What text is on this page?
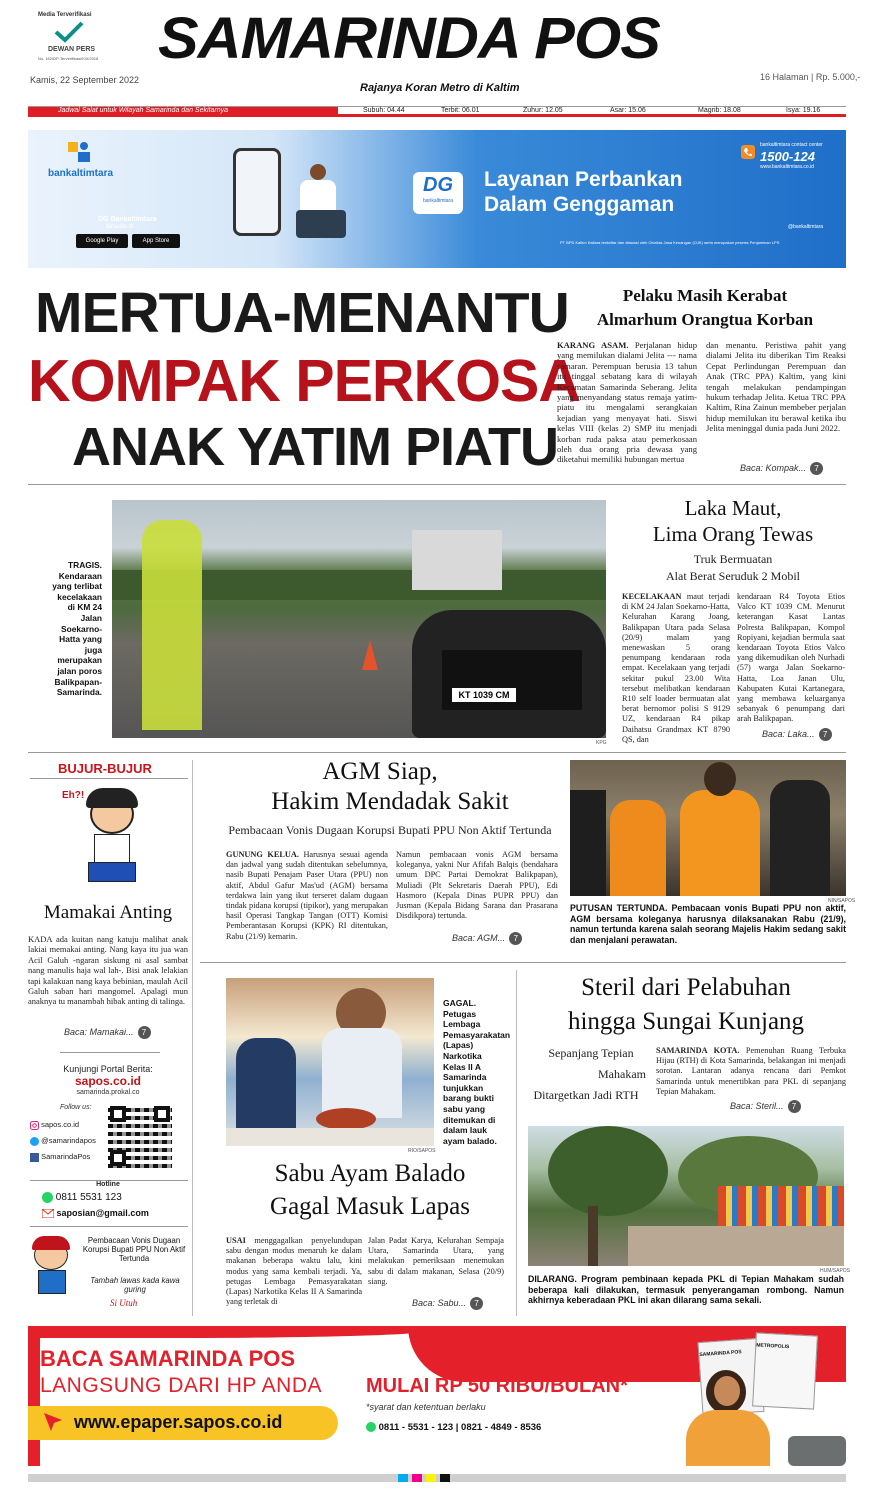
Media Terverifikasi
DEWAN PERS
No. 162/DP-Terverifikasi/K/II/2018 SAMARINDA POS
Kamis, 22 September 2022
Rajanya Koran Metro di Kaltim
16 Halaman | Rp. 5.000,-
Jadwal Salat untuk Wilayah Samarinda dan Sekitarnya	Subuh: 04.44	Terbit: 06.01	Zuhur: 12.05	Asar: 15.06	Magrib: 18.08	Isya: 19.16
bankaltimtara
DG Bankaltimtara
tersedia di :
Google Play	App Store
DG
bankaltimtara
Layanan Perbankan
Dalam Genggaman
bankaltimtara contact center
1500-124
www.bankaltimtara.co.id
@bankaltimtara
PT BPD Kaltim Kaltara terdaftar dan diawasi oleh Otoritas Jasa Keuangan (OJK) serta merupakan peserta Penjaminan LPS
MERTUA-MENANTU
KOMPAK PERKOSA
ANAK YATIM PIATU
Pelaku Masih Kerabat
Almarhum Orangtua Korban
KARANG ASAM. Perjalanan hidup yang memilukan dialami Jelita --- nama samaran. Perempuan berusia 13 tahun itu tinggal sebatang kara di wilayah Kecamatan Samarinda Seberang. Jelita yang menyandang status remaja yatim-piatu itu mengalami serangkaian kejadian yang menyayat hati. Siswi kelas VIII (kelas 2) SMP itu menjadi korban ruda paksa atau pemerkosaan oleh dua orang pria dewasa yang diketahui memiliki hubungan mertua
dan menantu. Peristiwa pahit yang dialami Jelita itu diberikan Tim Reaksi Cepat Perlindungan Perempuan dan Anak (TRC PPA) Kaltim, yang kini tengah melakukan pendampingan hukum terhadap Jelita. Ketua TRC PPA Kaltim, Rina Zainun membeber perjalan hidup memilukan itu berawal ketika ibu Jelita meninggal dunia pada Juni 2022.
Baca: Kompak... 7
TRAGIS. Kendaraan yang terlibat kecelakaan di KM 24 Jalan Soekarno-Hatta yang juga merupakan jalan poros Balikpapan-Samarinda.	KT 1039 CM
KPG
Laka Maut,
Lima Orang Tewas
Truk Bermuatan
Alat Berat Seruduk 2 Mobil
KECELAKAAN maut terjadi di KM 24 Jalan Soekarno-Hatta, Kelurahan Karang Joang, Balikpapan Utara pada Selasa (20/9) malam yang menewaskan 5 orang penumpang kendaraan roda empat. Kecelakaan yang terjadi sekitar pukul 23.00 Wita tersebut melibatkan kendaraan R10 self loader bermuatan alat berat bernomor polisi S 9129 UZ, kendaraan R4 pikap Daihatsu Grandmax KT 8790 QS, dan
kendaraan R4 Toyota Etios Valco KT 1039 CM. Menurut keterangan Kasat Lantas Polresta Balikpapan, Kompol Ropiyani, kejadian bermula saat kendaraan Toyota Etios Valco yang dikemudikan oleh Nurhadi (57) warga Jalan Soekarno-Hatta, Loa Janan Ulu, Kabupaten Kutai Kartanegara, yang membawa keluarganya sebanyak 6 penumpang dari arah Balikpapan.
Baca: Laka... 7
BUJUR-BUJUR
Eh?!
Mamakai Anting
KADA ada kuitan nang katuju malihat anak lakiai memakai anting. Nang kaya itu jua wan Acil Galuh -ngaran siskung ni asal sambat nang manulis haja wal lah-. Bisi anak lelakian tapi kalakuan nang kaya bebinian, maulah Acil Galuh saban hari mangomel. Apalagi mun anaknya tu manambah hibak anting di talinga.
Baca: Mamakai... 7
Kunjungi Portal Berita:
sapos.co.id
samarinda.prokal.co
Follow us:
sapos.co.id
@samarindapos
SamarindaPos
Hotline
0811 5531 123
saposian@gmail.com
Pembacaan Vonis Dugaan Korupsi Bupati PPU Non Aktif Tertunda
Tambah lawas kada kawa guring
Si Utuh
AGM Siap,
Hakim Mendadak Sakit
Pembacaan Vonis Dugaan Korupsi Bupati PPU Non Aktif Tertunda
GUNUNG KELUA. Harusnya sesuai agenda dan jadwal yang sudah ditentukan sebelumnya, nasib Bupati Penajam Paser Utara (PPU) non aktif, Abdul Gafur Mas'ud (AGM) bersama terdakwa lain yang ikut terseret dalam dugaan tindak pidana korupsi (tipikor), yang merupakan hasil Operasi Tangkap Tangan (OTT) Komisi Pemberantasan Korupsi (KPK) RI ditentukan, Rabu (21/9) kemarin.
Namun pembacaan vonis AGM bersama koleganya, yakni Nur Afifah Balqis (bendahara umum DPC Partai Demokrat Balikpapan), Muliadi (Plt Sekretaris Daerah PPU), Edi Hasmoro (Kepala Dinas PUPR PPU) dan Jusman (Kepala Bidang Sarana dan Prasarana Disdikpora) tertunda.
Baca: AGM... 7
NIN/SAPOS
PUTUSAN TERTUNDA. Pembacaan vonis Bupati PPU non aktif, AGM bersama koleganya harusnya dilaksanakan Rabu (21/9), namun tertunda karena salah seorang Majelis Hakim sedang sakit dan menjalani perawatan.
RIO/SAPOS
GAGAL. Petugas Lembaga Pemasyarakatan (Lapas) Narkotika Kelas II A Samarinda tunjukkan barang bukti sabu yang ditemukan di dalam lauk ayam balado.
Sabu Ayam Balado
Gagal Masuk Lapas
USAI menggagalkan penyelundupan sabu dengan modus menaruh ke dalam makanan beberapa waktu lalu, kini modus yang sama kembali terjadi. Ya, petugas Lembaga Pemasyarakatan (Lapas) Narkotika Kelas II A Samarinda yang terletak di
Jalan Padat Karya, Kelurahan Sempaja Utara, Samarinda Utara, yang melakukan pemeriksaan menemukan sabu di dalam makanan, Selasa (20/9) siang.
Baca: Sabu... 7
Steril dari Pelabuhan
hingga Sungai Kunjang
Sepanjang Tepian
Mahakam
Ditargetkan Jadi RTH
SAMARINDA KOTA. Pemenuhan Ruang Terbuka Hijau (RTH) di Kota Samarinda, belakangan ini menjadi sorotan. Lantaran adanya rencana dari Pemkot Samarinda untuk menertibkan para PKL di sepanjang Tepian Mahakam.
Baca: Steril... 7
HUM/SAPOS
DILARANG. Program pembinaan kepada PKL di Tepian Mahakam sudah beberapa kali dilakukan, termasuk penyerangaman rombong. Namun akhirnya keberadaan PKL ini akan dilarang sama sekali.
BACA SAMARINDA POS
LANGSUNG DARI HP ANDA
www.epaper.sapos.co.id
MULAI RP 50 RIBU/BULAN*
*syarat dan ketentuan berlaku
0811 - 5531 - 123 | 0821 - 4849 - 8536
SAMARINDA POS
METROPOLIS
